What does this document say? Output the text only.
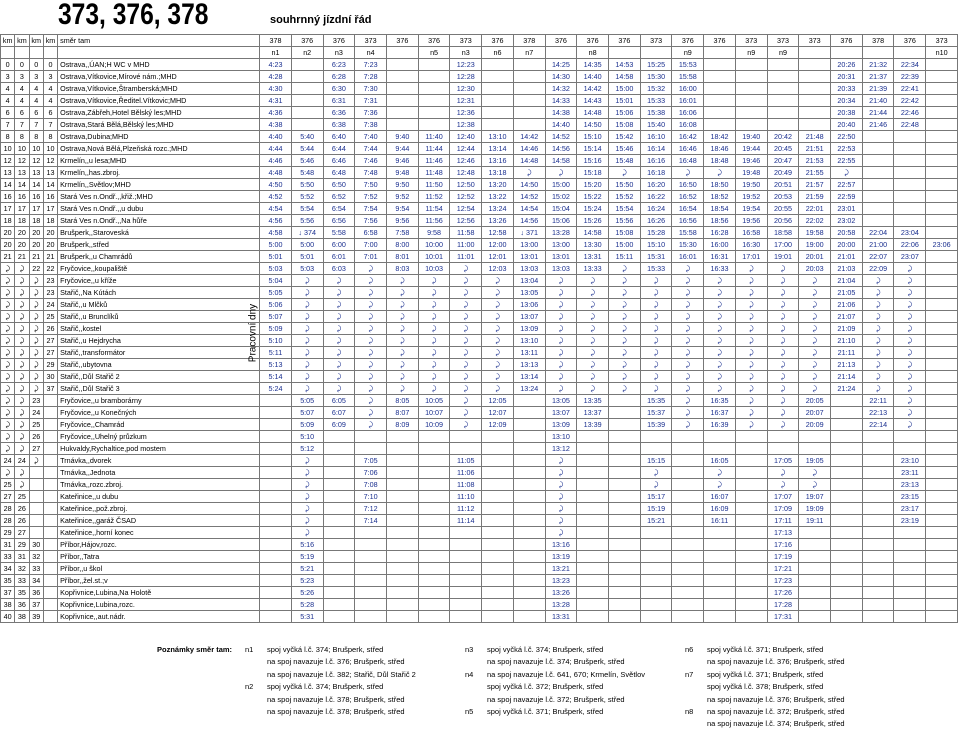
373, 376, 378	souhrnný jízdní řád
km	km	km	km	směr tam	378	376	376	373	376	376	373	376	378	376	376	376	373	376	376	373	373	373	376	378	376	373
					n1	n2	n3	n4		n5	n3	n6	n7		n8			n9		n9	n9					n10
0	0	0	0	Ostrava,,ÚAN;H WC v MHD	4:23		6:23	7:23			12:23			14:25	14:35	14:53	15:25	15:53					20:26	21:32	22:34	
3	3	3	3	Ostrava,Vítkovice,Mírové nám.;MHD	4:28		6:28	7:28			12:28			14:30	14:40	14:58	15:30	15:58					20:31	21:37	22:39	
4	4	4	4	Ostrava,Vítkovice,Štramberská;MHD	4:30		6:30	7:30			12:30			14:32	14:42	15:00	15:32	16:00					20:33	21:39	22:41	
4	4	4	4	Ostrava,Vítkovice,Ředitel.Vítkovic;MHD	4:31		6:31	7:31			12:31			14:33	14:43	15:01	15:33	16:01					20:34	21:40	22:42	
6	6	6	6	Ostrava,Zábřeh,Hotel Bělský les;MHD	4:36		6:36	7:36			12:36			14:38	14:48	15:06	15:38	16:06					20:38	21:44	22:46	
7	7	7	7	Ostrava,Stará Bělá,Bělský les;MHD	4:38		6:38	7:38			12:38			14:40	14:50	15:08	15:40	16:08					20:40	21:46	22:48	
8	8	8	8	Ostrava,Dubina;MHD	4:40	5:40	6:40	7:40	9:40	11:40	12:40	13:10	14:42	14:52	15:10	15:42	16:10	16:42	18:42	19:40	20:42	21:48	22:50			
10	10	10	10	Ostrava,Nová Bělá,Plzeňská rozc.;MHD	4:44	5:44	6:44	7:44	9:44	11:44	12:44	13:14	14:46	14:56	15:14	15:46	16:14	16:46	18:46	19:44	20:45	21:51	22:53			
12	12	12	12	Krmelín,,u lesa;MHD	4:46	5:46	6:46	7:46	9:46	11:46	12:46	13:16	14:48	14:58	15:16	15:48	16:16	16:48	18:48	19:46	20:47	21:53	22:55			
13	13	13	13	Krmelín,,has.zbroj.	4:48	5:48	6:48	7:48	9:48	11:48	12:48	13:18	⤸	⤸	15:18	⤸	16:18	⤸	⤸	19:48	20:49	21:55	⤸			
14	14	14	14	Krmelín,,Světlov;MHD	4:50	5:50	6:50	7:50	9:50	11:50	12:50	13:20	14:50	15:00	15:20	15:50	16:20	16:50	18:50	19:50	20:51	21:57	22:57			
16	16	16	16	Stará Ves n.Ondř.,,křiž.;MHD	4:52	5:52	6:52	7:52	9:52	11:52	12:52	13:22	14:52	15:02	15:22	15:52	16:22	16:52	18:52	19:52	20:53	21:59	22:59			
17	17	17	17	Stará Ves n.Ondř.,,u dubu	4:54	5:54	6:54	7:54	9:54	11:54	12:54	13:24	14:54	15:04	15:24	15:54	16:24	16:54	18:54	19:54	20:55	22:01	23:01			
18	18	18	18	Stará Ves n.Ondř.,,Na hůře	4:56	5:56	6:56	7:56	9:56	11:56	12:56	13:26	14:56	15:06	15:26	15:56	16:26	16:56	18:56	19:56	20:56	22:02	23:02			
20	20	20	20	Brušperk,,Staroveská	4:58	↓ 374	5:58	6:58	7:58	9:58	11:58	12:58	↓ 371	13:28	14:58	15:08	15:28	15:58	16:28	16:58	18:58	19:58	20:58	22:04	23:04	
20	20	20	20	Brušperk,,střed	5:00	5:00	6:00	7:00	8:00	10:00	11:00	12:00	13:00	13:00	13:30	15:00	15:10	15:30	16:00	16:30	17:00	19:00	20:00	21:00	22:06	23:06
21	21	21	21	Brušperk,,u Chamrádů	5:01	5:01	6:01	7:01	8:01	10:01	11:01	12:01	13:01	13:01	13:31	15:11	15:31	16:01	16:31	17:01	19:01	20:01	21:01	22:07	23:07	
⤸	⤸	22	22	Fryčovice,,koupaliště	5:03	5:03	6:03	⤸	8:03	10:03	⤸	12:03	13:03	13:03	13:33	⤸	15:33	⤸	16:33	⤸	⤸	20:03	21:03	22:09	⤸	
⤸	⤸	⤸	23	Fryčovice,,u kříže	5:04	⤸	⤸	⤸	⤸	⤸	⤸	⤸	13:04	⤸	⤸	⤸	⤸	⤸	⤸	⤸	⤸	⤸	21:04	⤸	⤸	
⤸	⤸	⤸	23	Stařič,,Na Kútách	5:05	⤸	⤸	⤸	⤸	⤸	⤸	⤸	13:05	⤸	⤸	⤸	⤸	⤸	⤸	⤸	⤸	⤸	21:05	⤸	⤸	
⤸	⤸	⤸	24	Stařič,,u Mlčků	5:06	⤸	⤸	⤸	⤸	⤸	⤸	⤸	13:06	⤸	⤸	⤸	⤸	⤸	⤸	⤸	⤸	⤸	21:06	⤸	⤸	
⤸	⤸	⤸	25	Stařič,,u Brunclíků	5:07	⤸	⤸	⤸	⤸	⤸	⤸	⤸	13:07	⤸	⤸	⤸	⤸	⤸	⤸	⤸	⤸	⤸	21:07	⤸	⤸	
⤸	⤸	⤸	26	Stařič,,kostel	5:09	⤸	⤸	⤸	⤸	⤸	⤸	⤸	13:09	⤸	⤸	⤸	⤸	⤸	⤸	⤸	⤸	⤸	21:09	⤸	⤸	
⤸	⤸	⤸	27	Stařič,,u Hejdrycha	5:10	⤸	⤸	⤸	⤸	⤸	⤸	⤸	13:10	⤸	⤸	⤸	⤸	⤸	⤸	⤸	⤸	⤸	21:10	⤸	⤸	
⤸	⤸	⤸	27	Stařič,,transformátor	5:11	⤸	⤸	⤸	⤸	⤸	⤸	⤸	13:11	⤸	⤸	⤸	⤸	⤸	⤸	⤸	⤸	⤸	21:11	⤸	⤸	
⤸	⤸	⤸	29	Stařič,,ubytovna	5:13	⤸	⤸	⤸	⤸	⤸	⤸	⤸	13:13	⤸	⤸	⤸	⤸	⤸	⤸	⤸	⤸	⤸	21:13	⤸	⤸	
⤸	⤸	⤸	30	Stařič,,Důl Stařič 2	5:14	⤸	⤸	⤸	⤸	⤸	⤸	⤸	13:14	⤸	⤸	⤸	⤸	⤸	⤸	⤸	⤸	⤸	21:14	⤸	⤸	
⤸	⤸	⤸	37	Stařič,,Důl Stařič 3	5:24	⤸	⤸	⤸	⤸	⤸	⤸	⤸	13:24	⤸	⤸	⤸	⤸	⤸	⤸	⤸	⤸	⤸	21:24	⤸	⤸	
⤸	⤸	23		Fryčovice,,u bramborárny		5:05	6:05	⤸	8:05	10:05	⤸	12:05		13:05	13:35		15:35	⤸	16:35	⤸	⤸	20:05		22:11	⤸	
⤸	⤸	24		Fryčovice,,u Konečných		5:07	6:07	⤸	8:07	10:07	⤸	12:07		13:07	13:37		15:37	⤸	16:37	⤸	⤸	20:07		22:13	⤸	
⤸	⤸	25		Fryčovice,,Chamrád		5:09	6:09	⤸	8:09	10:09	⤸	12:09		13:09	13:39		15:39	⤸	16:39	⤸	⤸	20:09		22:14	⤸	
⤸	⤸	26		Fryčovice,,Uhelný průzkum		5:10								13:10												
⤸	⤸	27		Hukvaldy,Rychaltice,pod mostem		5:12								13:12												
24	24	⤸		Trnávka,,dvorek		⤸		7:05			11:05			⤸			15:15		16:05		17:05	19:05			23:10	
⤸	⤸			Trnávka,,Jednota		⤸		7:06			11:06			⤸			⤸		⤸		⤸	⤸			23:11	
25	⤸			Trnávka,,rozc.zbroj.		⤸		7:08			11:08			⤸			⤸		⤸		⤸	⤸			23:13	
27	25			Kateřinice,,u dubu		⤸		7:10			11:10			⤸			15:17		16:07		17:07	19:07			23:15	
28	26			Kateřinice,,pož.zbroj.		⤸		7:12			11:12			⤸			15:19		16:09		17:09	19:09			23:17	
28	26			Kateřinice,,garáž ČSAD		⤸		7:14			11:14			⤸			15:21		16:11		17:11	19:11			23:19	
29	27			Kateřinice,,horní konec		⤸								⤸							17:13					
31	29	30		Příbor,Hájov,rozc.		5:16								13:16							17:16					
33	31	32		Příbor,,Tatra		5:19								13:19							17:19					
34	32	33		Příbor,,u škol		5:21								13:21							17:21					
35	33	34		Příbor,,žel.st.;v		5:23								13:23							17:23					
37	35	36		Kopřivnice,Lubina,Na Holotě		5:26								13:26							17:26					
38	36	37		Kopřivnice,Lubina,rozc.		5:28								13:28							17:28					
40	38	39		Kopřivnice,,aut.nádr.		5:31								13:31							17:31					
Pracovní dny
Poznámky směr tam: n1 spoj vyčká l.č. 374; Brušperk, střed
na spoj navazuje l.č. 376; Brušperk, střed
na spoj navazuje l.č. 382; Stařič, Důl Stařič 2
n2 spoj vyčká l.č. 374; Brušperk, střed
na spoj navazuje l.č. 378; Brušperk, střed
na spoj navazuje l.č. 378; Brušperk, střed
n3 spoj vyčká l.č. 374; Brušperk, střed
na spoj navazuje l.č. 374; Brušperk, střed
n4 na spoj navazuje l.č. 641, 670; Krmelín, Světlov
spoj vyčká l.č. 372; Brušperk, střed
na spoj navazuje l.č. 372; Brušperk, střed
n5 spoj vyčká l.č. 371; Brušperk, střed
n6 spoj vyčká l.č. 371; Brušperk, střed
na spoj navazuje l.č. 376; Brušperk, střed
n7 spoj vyčká l.č. 371; Brušperk, střed
spoj vyčká l.č. 378; Brušperk, střed
na spoj navazuje l.č. 376; Brušperk, střed
n8 na spoj navazuje l.č. 372; Brušperk, střed
na spoj navazuje l.č. 374; Brušperk, střed
